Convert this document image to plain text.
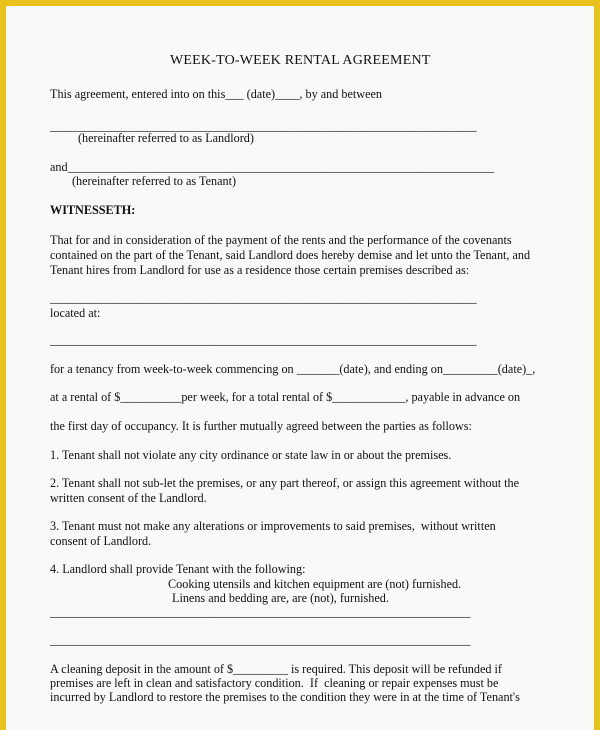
WEEK-TO-WEEK RENTAL AGREEMENT

This agreement, entered into on this___ (date)____, by and between

______________________________________________________________________

(hereinafter referred to as Landlord)

and______________________________________________________________________

(hereinafter referred to as Tenant)

WITNESSETH:

That for and in consideration of the payment of the rents and the performance of the covenants

contained on the part of the Tenant, said Landlord does hereby demise and let unto the Tenant, and

Tenant hires from Landlord for use as a residence those certain premises described as:

______________________________________________________________________

located at:

______________________________________________________________________

for a tenancy from week-to-week commencing on _______(date), and ending on_________(date)_,

at a rental of $__________per week, for a total rental of $____________, payable in advance on

the first day of occupancy. It is further mutually agreed between the parties as follows:

1. Tenant shall not violate any city ordinance or state law in or about the premises.

2. Tenant shall not sub-let the premises, or any part thereof, or assign this agreement without the

written consent of the Landlord.

3. Tenant must not make any alterations or improvements to said premises,  without written

consent of Landlord.

4. Landlord shall provide Tenant with the following:

Cooking utensils and kitchen equipment are (not) furnished.

Linens and bedding are, are (not), furnished.

_____________________________________________________________________

_____________________________________________________________________

A cleaning deposit in the amount of $_________ is required. This deposit will be refunded if

premises are left in clean and satisfactory condition.  If  cleaning or repair expenses must be

incurred by Landlord to restore the premises to the condition they were in at the time of Tenant's
